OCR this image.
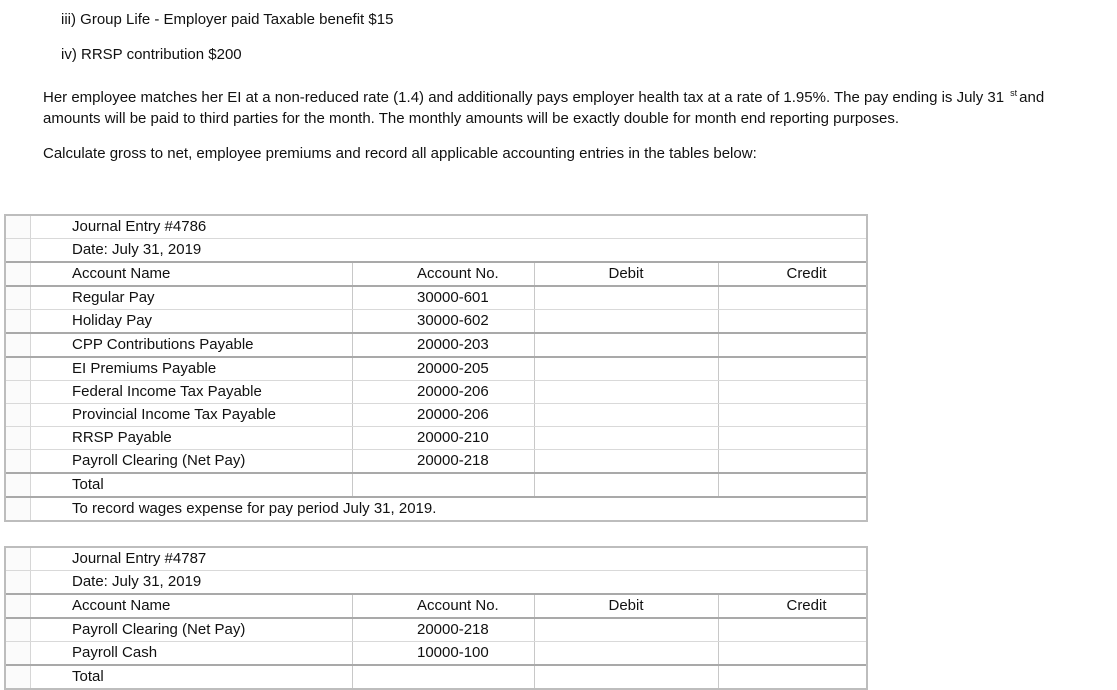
iii) Group Life - Employer paid Taxable benefit $15
iv) RRSP contribution $200
Her employee matches her EI at a non-reduced rate (1.4) and additionally pays employer health tax at a rate of 1.95%. The pay ending is July 31 $^{st}$ and
amounts will be paid to third parties for the month. The monthly amounts will be exactly double for month end reporting purposes.
Calculate gross to net, employee premiums and record all applicable accounting entries in the tables below:
Journal Entry #4786
Date: July 31, 2019
Account Name	Account No.	Debit	Credit
Regular Pay	30000-601
Holiday Pay	30000-602
CPP Contributions Payable	20000-203
EI Premiums Payable	20000-205
Federal Income Tax Payable	20000-206
Provincial Income Tax Payable	20000-206
RRSP Payable	20000-210
Payroll Clearing (Net Pay)	20000-218
Total
To record wages expense for pay period July 31, 2019.
Journal Entry #4787
Date: July 31, 2019
Account Name	Account No.	Debit	Credit
Payroll Clearing (Net Pay)	20000-218
Payroll Cash	10000-100
Total
